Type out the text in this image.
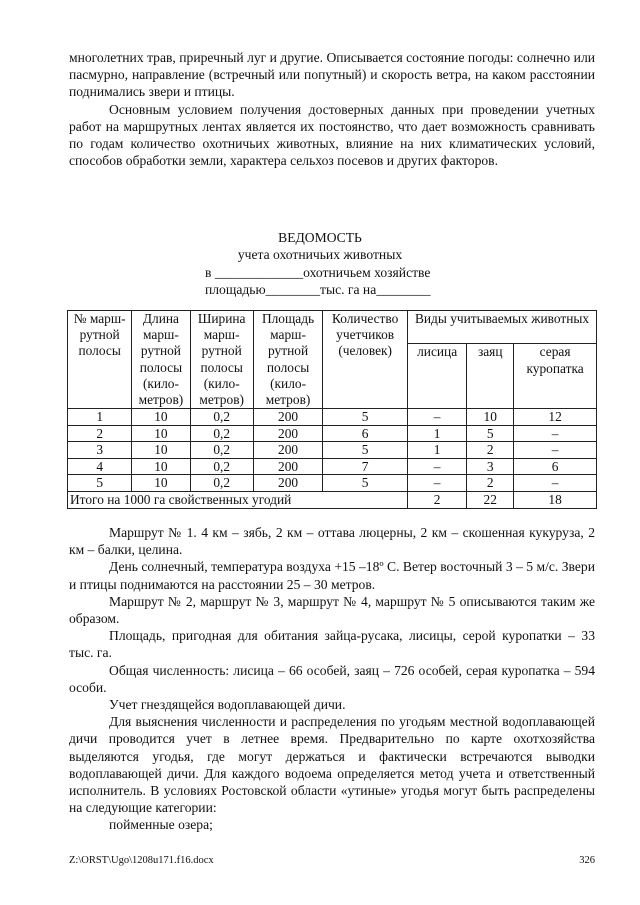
многолетних трав, приречный луг и другие. Описывается состояние погоды: солнечно или пасмурно, направление (встречный или попутный) и скорость ветра, на каком расстоянии поднимались звери и птицы.

Основным условием получения достоверных данных при проведении учетных работ на маршрутных лентах является их постоянство, что дает возможность сравнивать по годам количество охотничьих животных, влияние на них климатических условий, способов обработки земли, характера сельхоз посевов и других факторов.

ВЕДОМОСТЬ
учета охотничьих животных
в _____________охотничьем хозяйстве
площадью________тыс. га на________
№ марш-рутной полосы	Длина марш-рутной полосы (кило-метров)	Ширина марш-рутной полосы (кило-метров)	Площадь марш-рутной полосы (кило-метров)	Количество учетчиков (человек)	Виды учитываемых животных		
					лисица	заяц	серая куропатка
1	10	0,2	200	5	–	10	12
2	10	0,2	200	6	1	5	–
3	10	0,2	200	5	1	2	–
4	10	0,2	200	7	–	3	6
5	10	0,2	200	5	–	2	–
Итого на 1000 га свойственных угодий					2	22	18

Маршрут № 1. 4 км – зябь, 2 км – оттава люцерны, 2 км – скошенная кукуруза, 2 км – балки, целина.

День солнечный, температура воздуха +15 –18º С. Ветер восточный 3 – 5 м/с. Звери и птицы поднимаются на расстоянии 25 – 30 метров.

Маршрут № 2, маршрут № 3, маршрут № 4, маршрут № 5 описываются таким же образом.

Площадь, пригодная для обитания зайца-русака, лисицы, серой куропатки – 33 тыс. га.

Общая численность: лисица – 66 особей, заяц – 726 особей, серая куропатка – 594 особи.

Учет гнездящейся водоплавающей дичи.

Для выяснения численности и распределения по угодьям местной водоплавающей дичи проводится учет в летнее время. Предварительно по карте охотхозяйства выделяются угодья, где могут держаться и фактически встречаются выводки водоплавающей дичи. Для каждого водоема определяется метод учета и ответственный исполнитель. В условиях Ростовской области «утиные» угодья могут быть распределены на следующие категории:

пойменные озера;

Z:\ORST\Ugo\1208u171.f16.docx	326
